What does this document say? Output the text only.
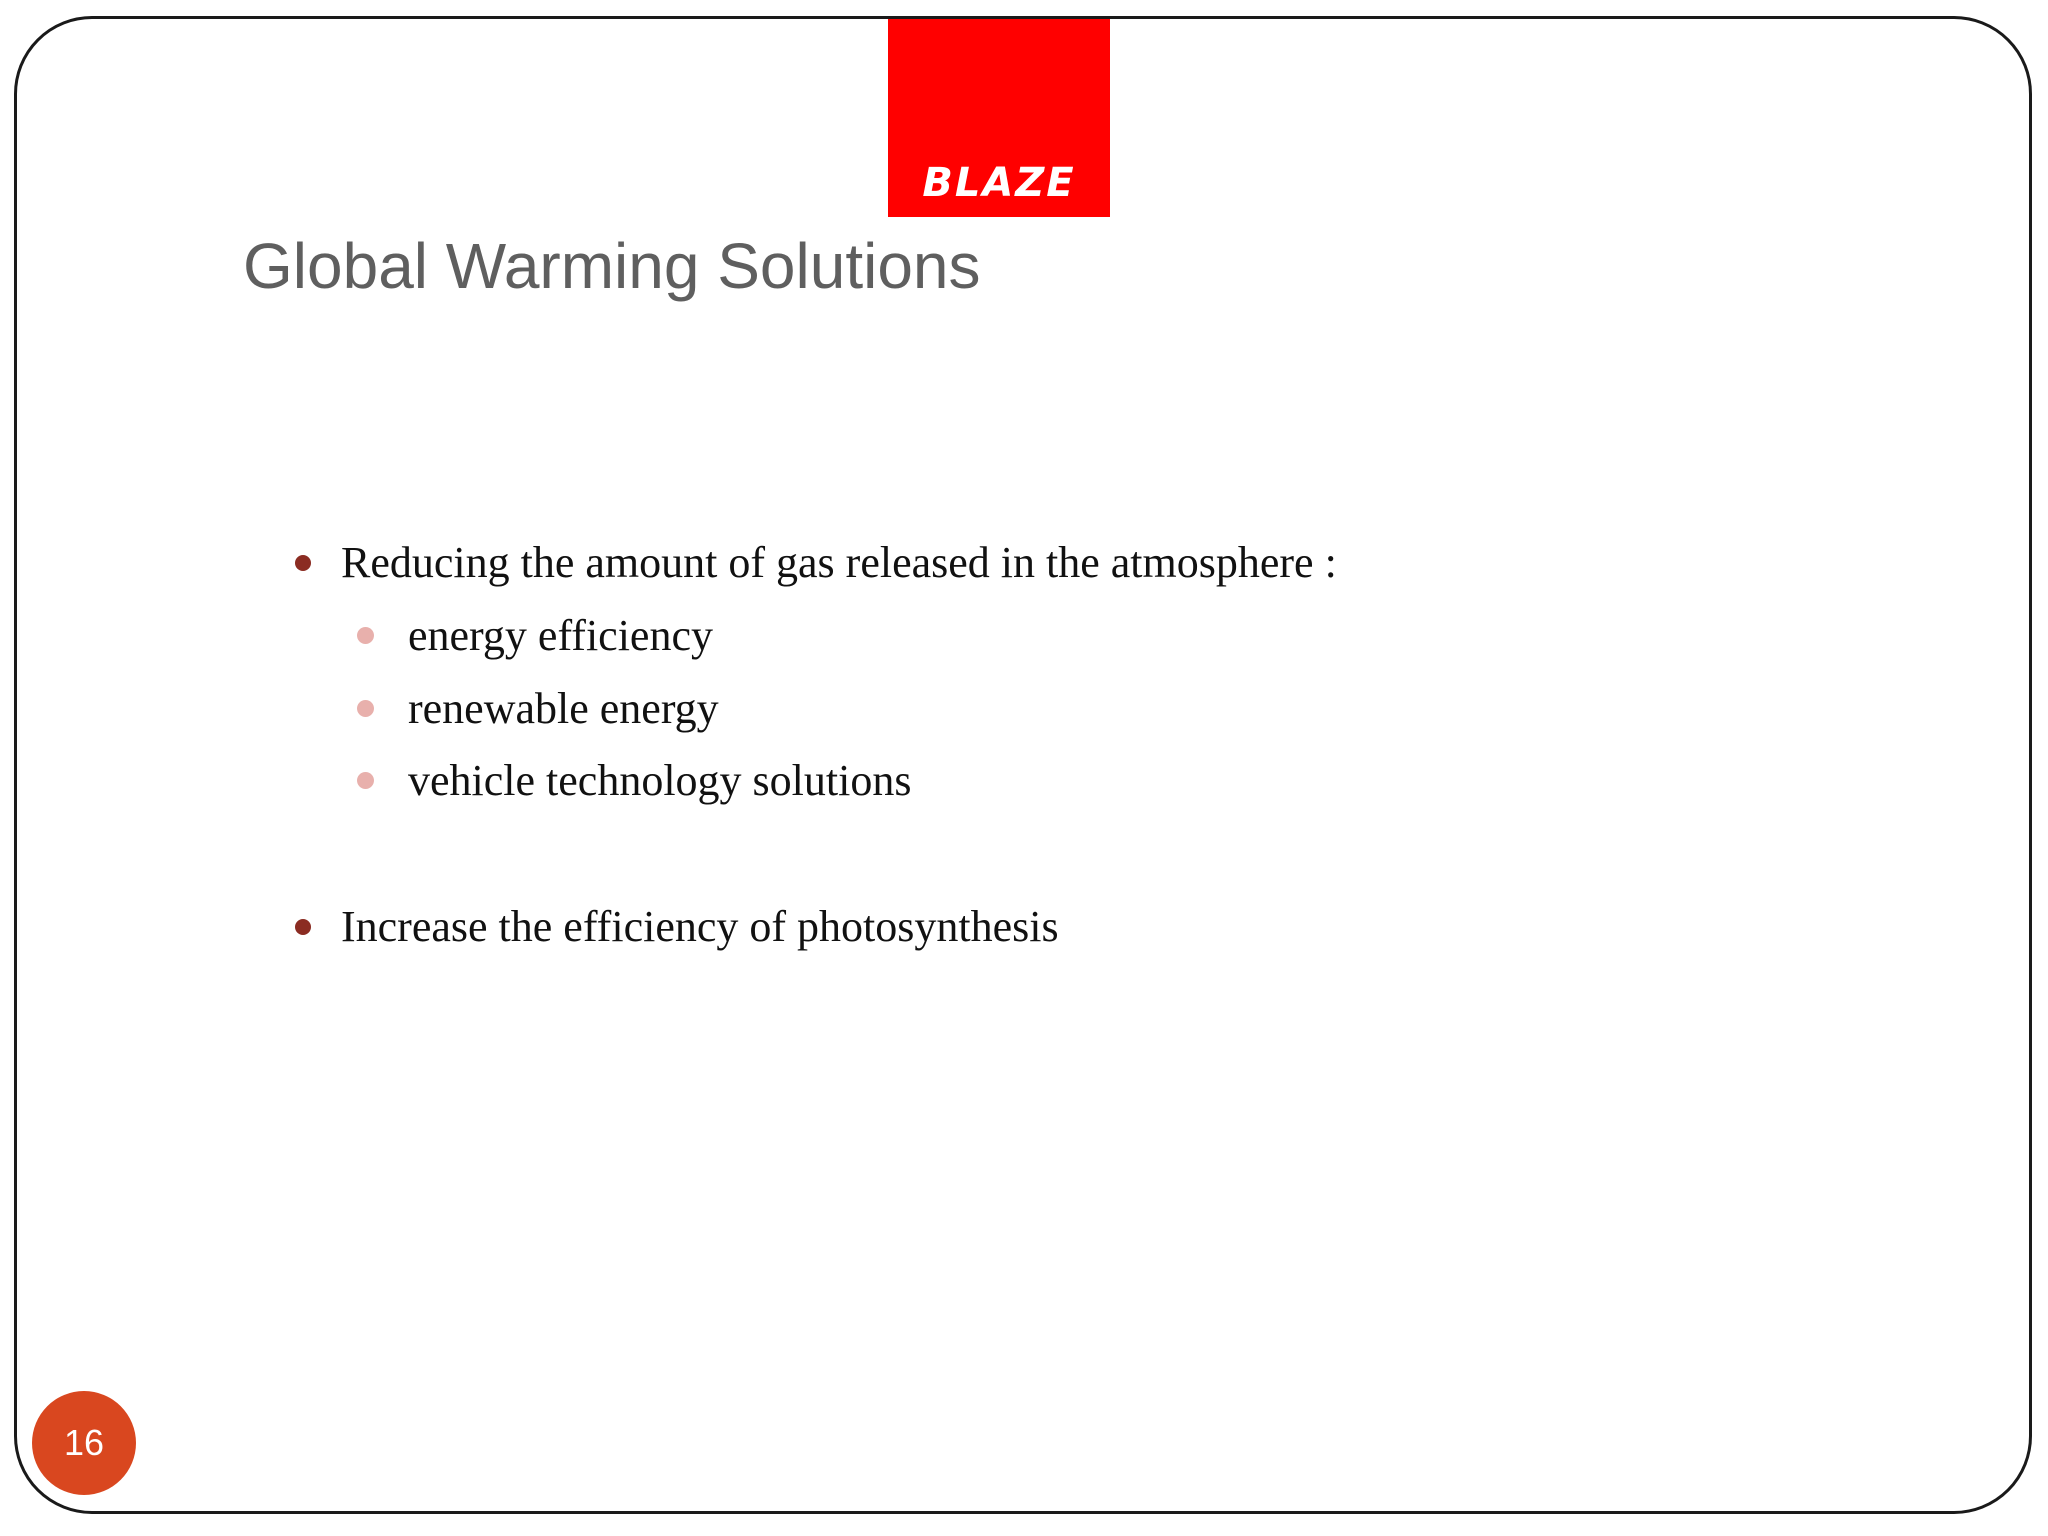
BLAZE
Global Warming Solutions
Reducing the amount of gas released in the atmosphere :
energy efficiency
renewable energy
vehicle technology solutions
Increase the efficiency of photosynthesis
16
